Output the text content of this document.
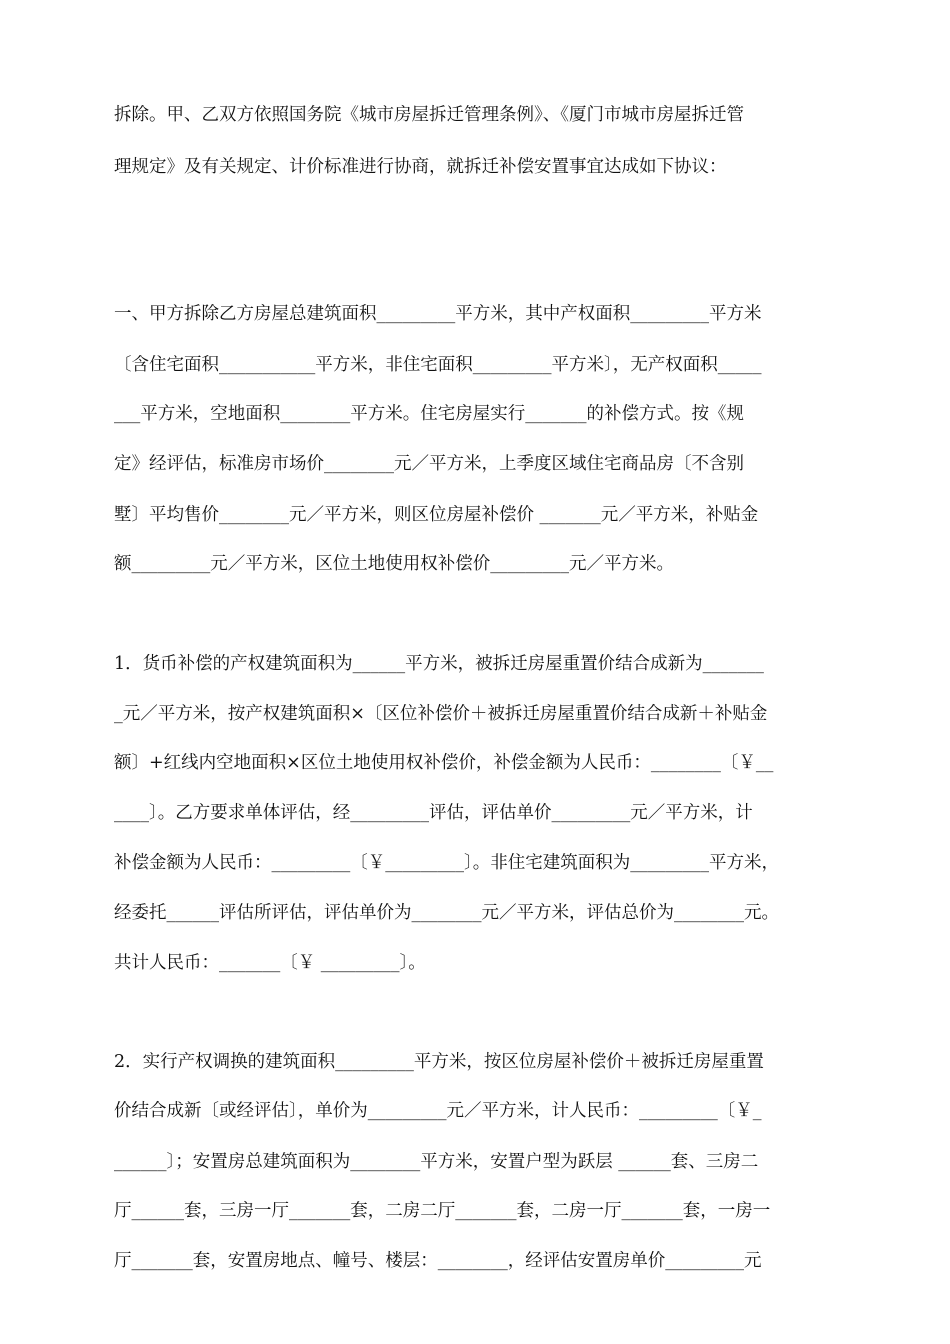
拆除。甲、乙双方依照国务院《城市房屋拆迁管理条例》、《厦门市城市房屋拆迁管
理规定》及有关规定、计价标准进行协商，就拆迁补偿安置事宜达成如下协议：
一、甲方拆除乙方房屋总建筑面积_________平方米，其中产权面积_________平方米
〔含住宅面积___________平方米，非住宅面积_________平方米〕，无产权面积_____
___平方米，空地面积________平方米。住宅房屋实行_______的补偿方式。按《规
定》经评估，标准房市场价________元／平方米，上季度区域住宅商品房〔不含别
墅〕平均售价________元／平方米，则区位房屋补偿价 _______元／平方米，补贴金
额_________元／平方米，区位土地使用权补偿价_________元／平方米。
1．货币补偿的产权建筑面积为______平方米，被拆迁房屋重置价结合成新为_______
_元／平方米，按产权建筑面积×〔区位补偿价＋被拆迁房屋重置价结合成新＋补贴金
额〕+红线内空地面积×区位土地使用权补偿价，补偿金额为人民币：________〔￥__
____〕。乙方要求单体评估，经_________评估，评估单价_________元／平方米，计
补偿金额为人民币：_________〔￥_________〕。非住宅建筑面积为_________平方米，
经委托______评估所评估，评估单价为________元／平方米，评估总价为________元。
共计人民币：_______〔￥ _________〕。
2．实行产权调换的建筑面积_________平方米，按区位房屋补偿价＋被拆迁房屋重置
价结合成新〔或经评估〕，单价为_________元／平方米，计人民币：_________〔￥_
______〕；安置房总建筑面积为________平方米，安置户型为跃层 ______套、三房二
厅______套，三房一厅_______套，二房二厅_______套，二房一厅_______套，一房一
厅_______套，安置房地点、幢号、楼层：________，经评估安置房单价_________元
